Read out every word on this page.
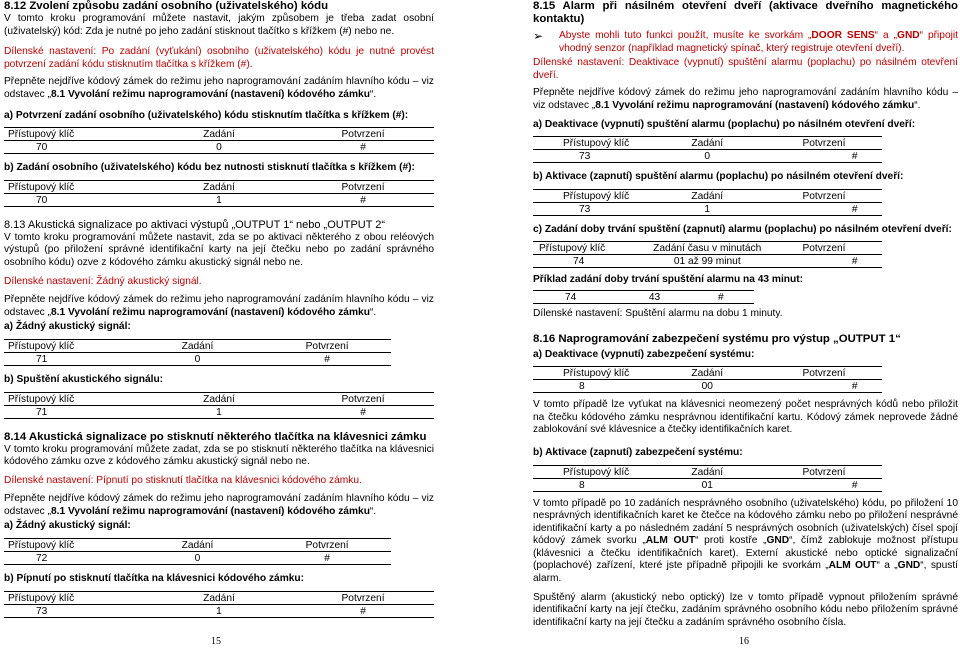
8.12 Zvolení způsobu zadání osobního (uživatelského) kódu

V tomto kroku programování můžete nastavit, jakým způsobem je třeba zadat osobní (uživatelský) kód: Zda je nutné po jeho zadání stisknout tlačítko s křížkem (#) nebo ne.

Dílenské nastavení: Po zadání (vyťukání) osobního (uživatelského) kódu je nutné provést potvrzení zadání kódu stisknutím tlačítka s křížkem (#).

Přepněte nejdříve kódový zámek do režimu jeho naprogramování zadáním hlavního kódu – viz odstavec „8.1 Vyvolání režimu naprogramování (nastavení) kódového zámku“.

a) Potvrzení zadání osobního (uživatelského) kódu stisknutím tlačítka s křížkem (#):

Přístupový klíč	Zadání	Potvrzení
70	0	#

b) Zadání osobního (uživatelského) kódu bez nutnosti stisknutí tlačítka s křížkem (#):

Přístupový klíč	Zadání	Potvrzení
70	1	#

8.13 Akustická signalizace po aktivaci výstupů „OUTPUT 1“ nebo „OUTPUT 2“

V tomto kroku programování můžete nastavit, zda se po aktivaci některého z obou reléových výstupů (po přiložení správné identifikační karty na její čtečku nebo po zadání správného osobního kódu) ozve z kódového zámku akustický signál nebo ne.

Dílenské nastavení: Žádný akustický signál.

Přepněte nejdříve kódový zámek do režimu jeho naprogramování zadáním hlavního kódu – viz odstavec „8.1 Vyvolání režimu naprogramování (nastavení) kódového zámku“.

a) Žádný akustický signál:

Přístupový klíč	Zadání	Potvrzení
71	0	#

b) Spuštění akustického signálu:

Přístupový klíč	Zadání	Potvrzení
71	1	#

8.14 Akustická signalizace po stisknutí některého tlačítka na klávesnici zámku

V tomto kroku programování můžete zadat, zda se po stisknutí některého tlačítka na klávesnici kódového zámku ozve z kódového zámku akustický signál nebo ne.

Dílenské nastavení: Pípnutí po stisknutí tlačítka na klávesnici kódového zámku.

Přepněte nejdříve kódový zámek do režimu jeho naprogramování zadáním hlavního kódu – viz odstavec „8.1 Vyvolání režimu naprogramování (nastavení) kódového zámku“.

a) Žádný akustický signál:

Přístupový klíč	Zadání	Potvrzení
72	0	#

b) Pípnutí po stisknutí tlačítka na klávesnici kódového zámku:

Přístupový klíč	Zadání	Potvrzení
73	1	#
15

8.15 Alarm při násilném otevření dveří (aktivace dveřního magnetického kontaktu)

➢	Abyste mohli tuto funkci použít, musíte ke svorkám „DOOR SENS“ a „GND“ připojit vhodný senzor (například magnetický spínač, který registruje otevření dveří).

Dílenské nastavení: Deaktivace (vypnutí) spuštění alarmu (poplachu) po násilném otevření dveří.

Přepněte nejdříve kódový zámek do režimu jeho naprogramování zadáním hlavního kódu – viz odstavec „8.1 Vyvolání režimu naprogramování (nastavení) kódového zámku“.

a) Deaktivace (vypnutí) spuštění alarmu (poplachu) po násilném otevření dveří:

Přístupový klíč	Zadání	Potvrzení
73	0	#

b) Aktivace (zapnutí) spuštění alarmu (poplachu) po násilném otevření dveří:

Přístupový klíč	Zadání	Potvrzení
73	1	#

c) Zadání doby trvání spuštění (zapnutí) alarmu (poplachu) po násilném otevření dveří:

Přístupový klíč	Zadání času v minutách	Potvrzení
74	01 až 99 minut	#

Příklad zadání doby trvání spuštění alarmu na 43 minut:

74	43	#

Dílenské nastavení: Spuštění alarmu na dobu 1 minuty.

8.16 Naprogramování zabezpečení systému pro výstup „OUTPUT 1“

a) Deaktivace (vypnutí) zabezpečení systému:

Přístupový klíč	Zadání	Potvrzení
8	00	#

V tomto případě lze vyťukat na klávesnici neomezený počet nesprávných kódů nebo přiložit na čtečku kódového zámku nesprávnou identifikační kartu. Kódový zámek neprovede žádné zablokování své klávesnice a čtečky identifikačních karet.

b) Aktivace (zapnutí) zabezpečení systému:

Přístupový klíč	Zadání	Potvrzení
8	01	#

V tomto případě po 10 zadáních nesprávného osobního (uživatelského) kódu, po přiložení 10 nesprávných identifikačních karet ke čtečce na kódového zámku nebo po přiložení nesprávné identifikační karty a po následném zadání 5 nesprávných osobních (uživatelských) čísel spojí kódový zámek svorku „ALM OUT“ proti kostře „GND“, čímž zablokuje možnost přístupu (klávesnici a čtečku identifikačních karet). Externí akustické nebo optické signalizační (poplachové) zařízení, které jste případně připojili ke svorkám „ALM OUT“ a „GND“, spustí alarm.

Spuštěný alarm (akustický nebo optický) lze v tomto případě vypnout přiložením správné identifikační karty na její čtečku, zadáním správného osobního kódu nebo přiložením správné identifikační karty na její čtečku a zadáním správného osobního čísla.

16
